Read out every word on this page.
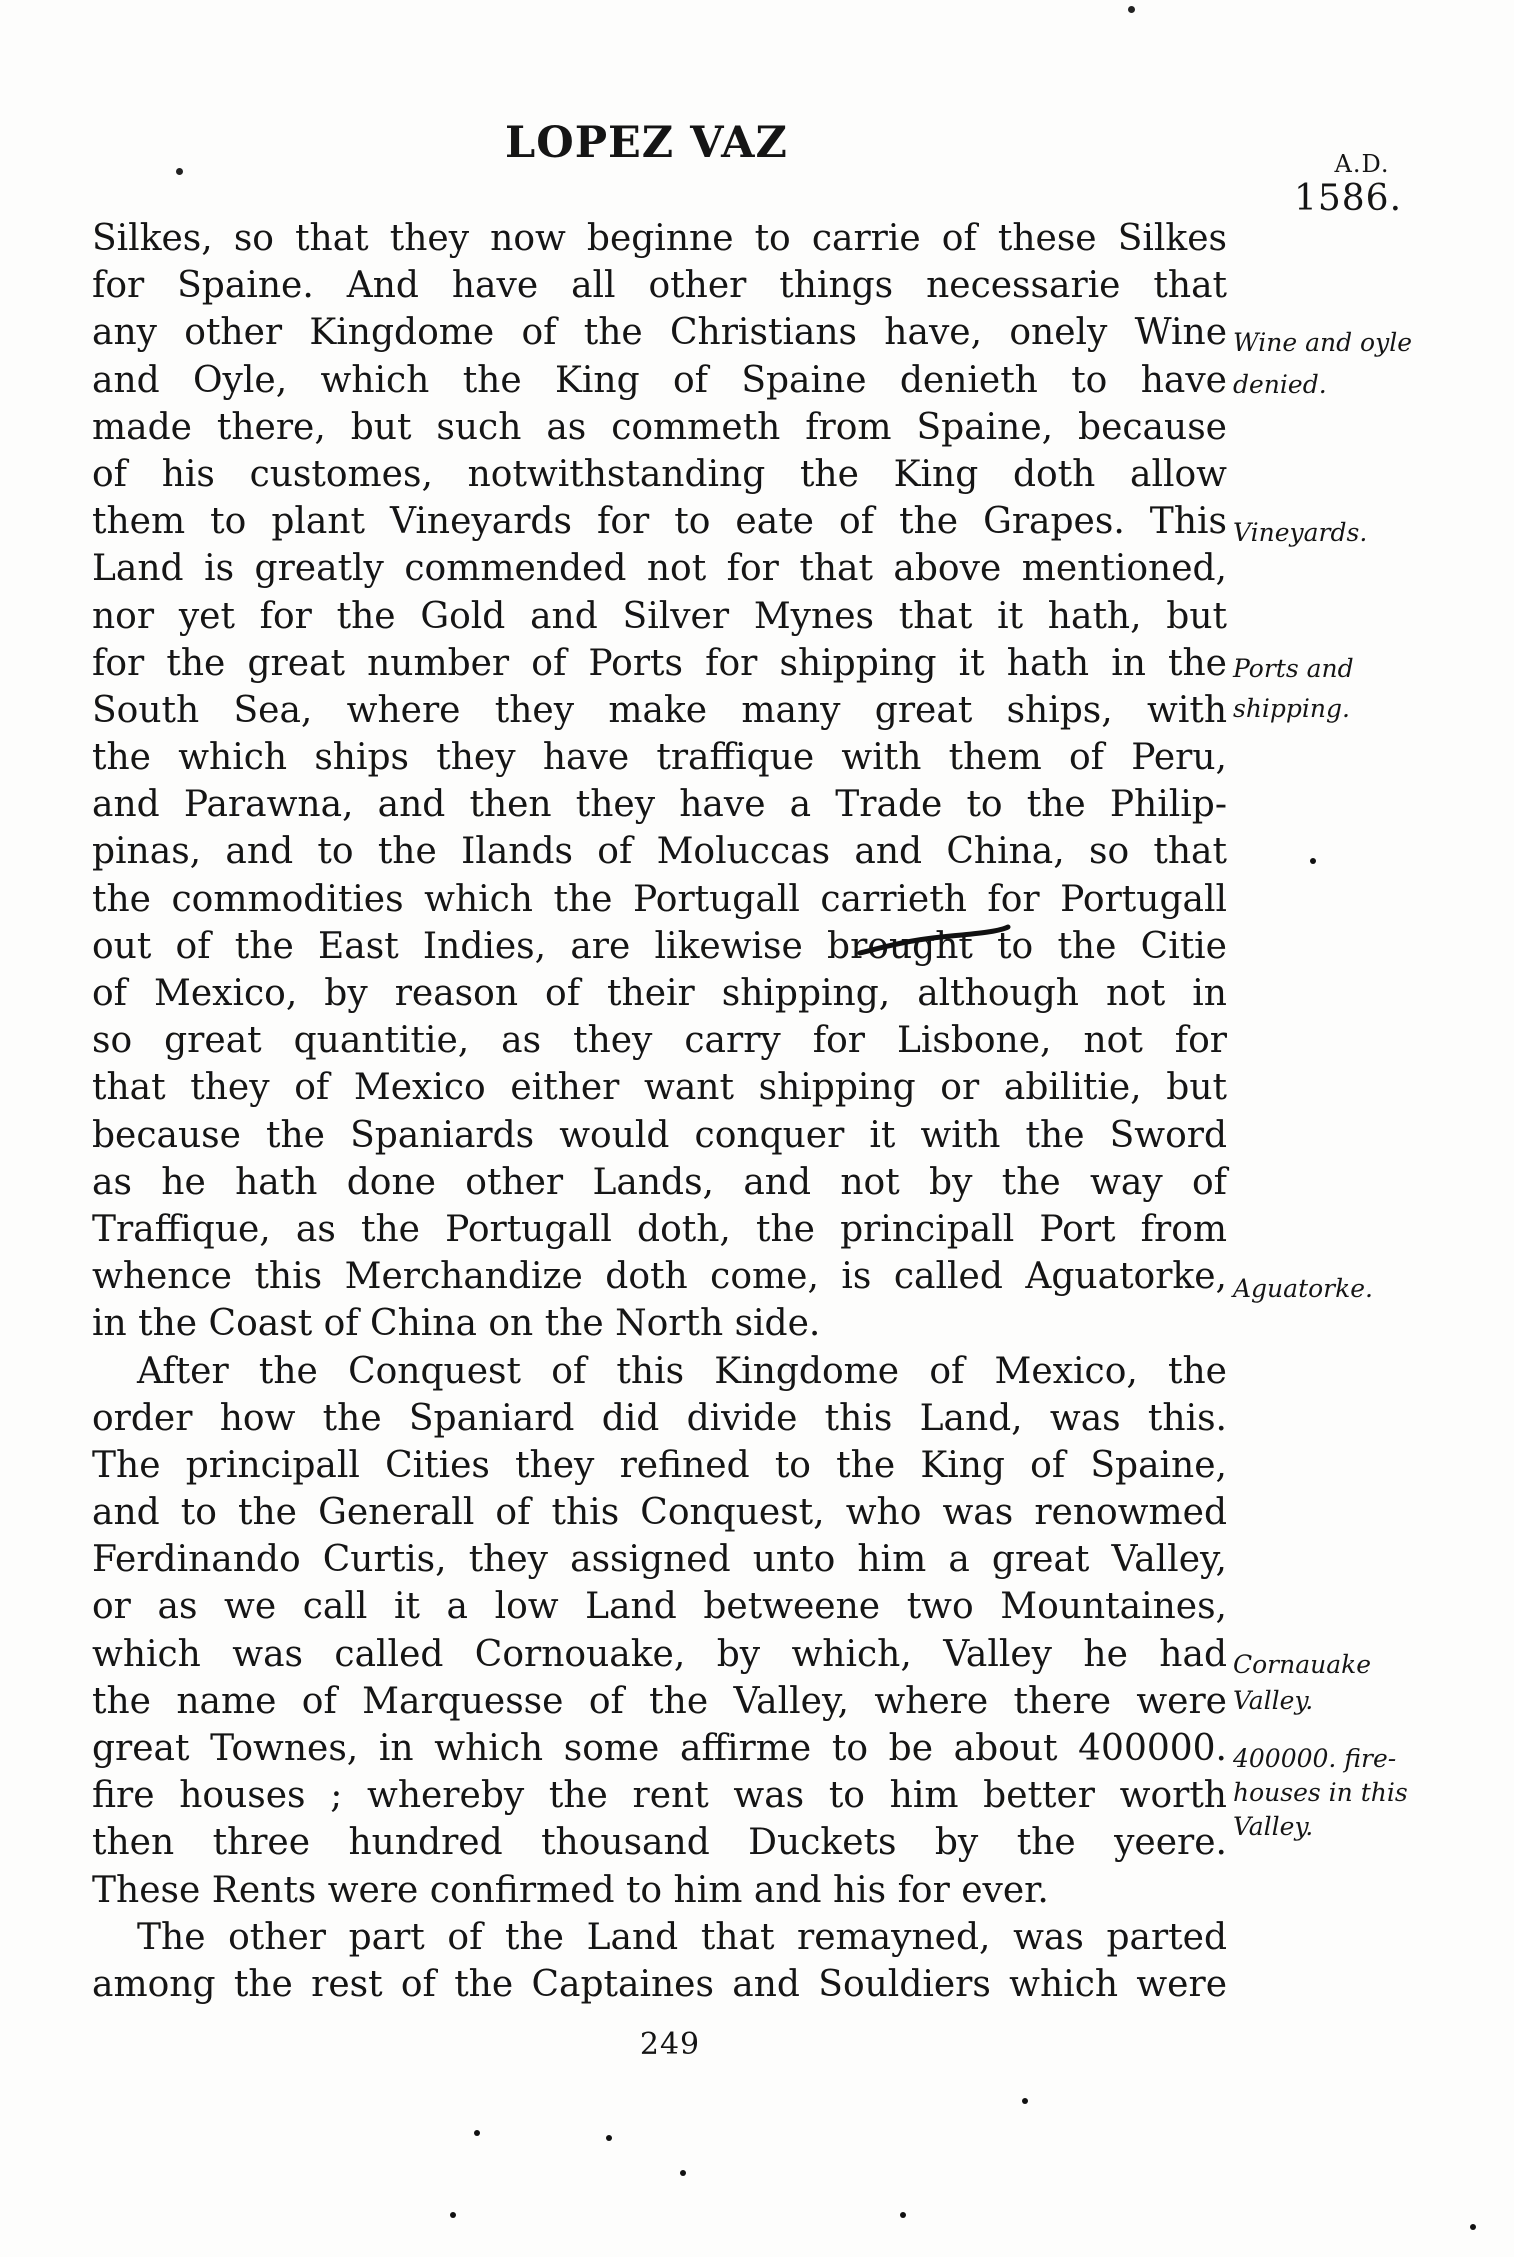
LOPEZ VAZ	A.D.
1586.
Silkes, so that they now beginne to carrie of these Silkes
for Spaine. And have all other things necessarie that
any other Kingdome of the Christians have, onely Wine
and Oyle, which the King of Spaine denieth to have
made there, but such as commeth from Spaine, because
of his customes, notwithstanding the King doth allow
them to plant Vineyards for to eate of the Grapes. This
Land is greatly commended not for that above mentioned,
nor yet for the Gold and Silver Mynes that it hath, but
for the great number of Ports for shipping it hath in the
South Sea, where they make many great ships, with
the which ships they have traffique with them of Peru,
and Parawna, and then they have a Trade to the Philip-
pinas, and to the Ilands of Moluccas and China, so that
the commodities which the Portugall carrieth for Portugall
out of the East Indies, are likewise brought to the Citie
of Mexico, by reason of their shipping, although not in
so great quantitie, as they carry for Lisbone, not for
that they of Mexico either want shipping or abilitie, but
because the Spaniards would conquer it with the Sword
as he hath done other Lands, and not by the way of
Traffique, as the Portugall doth, the principall Port from
whence this Merchandize doth come, is called Aguatorke,
in the Coast of China on the North side.
After the Conquest of this Kingdome of Mexico, the
order how the Spaniard did divide this Land, was this.
The principall Cities they refined to the King of Spaine,
and to the Generall of this Conquest, who was renowmed
Ferdinando Curtis, they assigned unto him a great Valley,
or as we call it a low Land betweene two Mountaines,
which was called Cornouake, by which, Valley he had
the name of Marquesse of the Valley, where there were
great Townes, in which some affirme to be about 400000.
fire houses ; whereby the rent was to him better worth
then three hundred thousand Duckets by the yeere.
These Rents were confirmed to him and his for ever.
The other part of the Land that remayned, was parted
among the rest of the Captaines and Souldiers which were
Wine and oyle
denied.
Vineyards.
Ports and
shipping.
Aguatorke.
Cornauake
Valley.
400000. fire-
houses in this
Valley.
249
